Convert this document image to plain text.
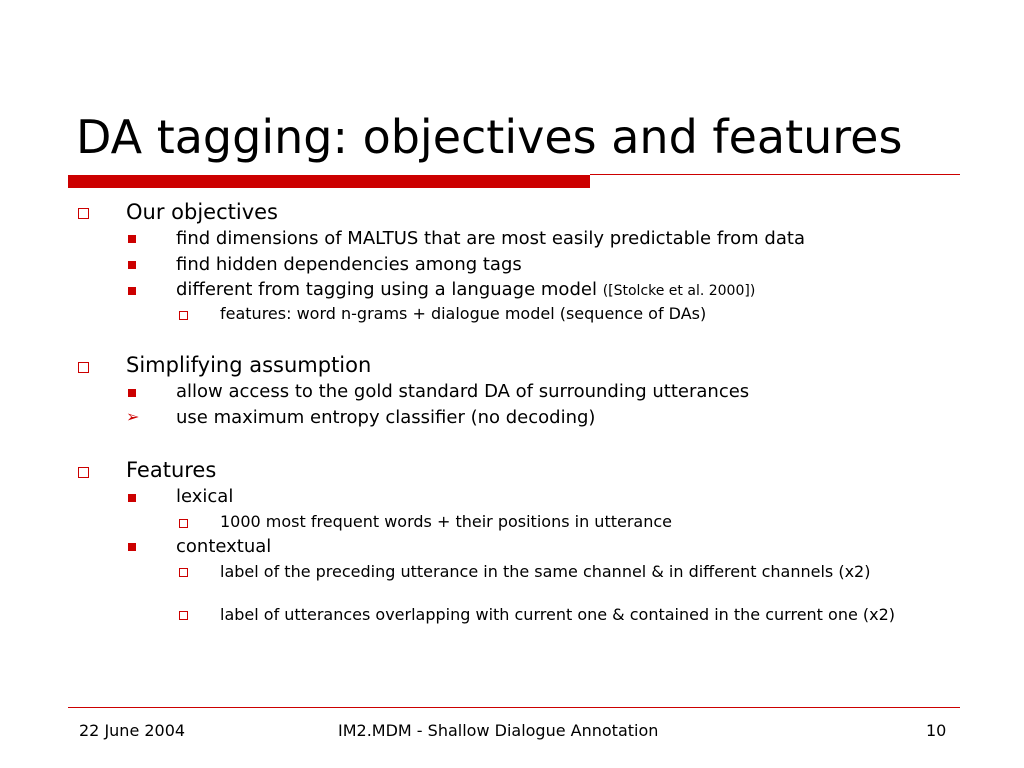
DA tagging: objectives and features
Our objectives
find dimensions of MALTUS that are most easily predictable from data
find hidden dependencies among tags
different from tagging using a language model ([Stolcke et al. 2000])
features: word n-grams + dialogue model (sequence of DAs)
Simplifying assumption
allow access to the gold standard DA of surrounding utterances
➢ use maximum entropy classifier (no decoding)
Features
lexical
1000 most frequent words + their positions in utterance
contextual
label of the preceding utterance in the same channel & in different channels (x2)
label of utterances overlapping with current one & contained in the current one (x2)
22 June 2004	IM2.MDM - Shallow Dialogue Annotation	10
